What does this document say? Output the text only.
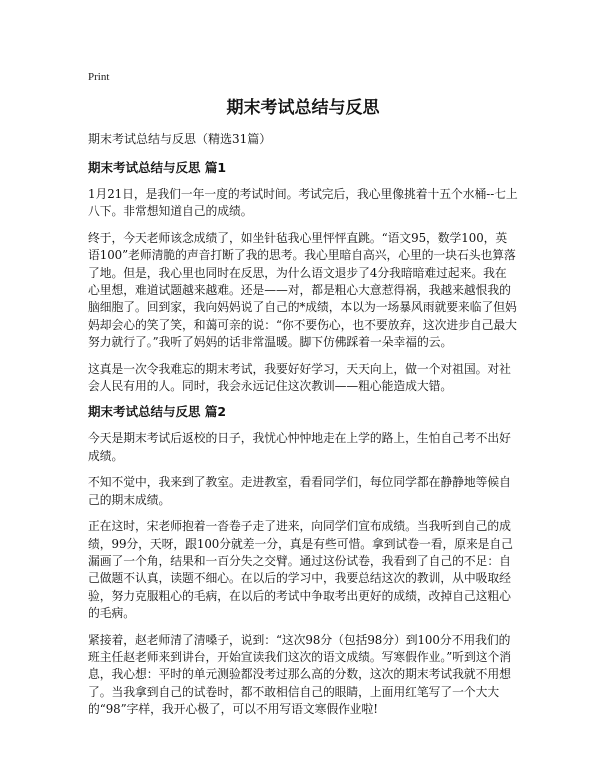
Print
期末考试总结与反思

期末考试总结与反思（精选31篇）

期末考试总结与反思 篇1

1月21日，是我们一年一度的考试时间。考试完后，我心里像挑着十五个水桶--七上八下。非常想知道自己的成绩。

终于，今天老师该念成绩了，如坐针毡我心里怦怦直跳。“语文95，数学100，英语100”老师清脆的声音打断了我的思考。我心里暗自高兴，心里的一块石头也算落了地。但是，我心里也同时在反思，为什么语文退步了4分我暗暗难过起来。我在心里想，难道试题越来越难。还是——对，都是粗心大意惹得祸，我越来越恨我的脑细胞了。回到家，我向妈妈说了自己的*成绩，本以为一场暴风雨就要来临了但妈妈却会心的笑了笑，和蔼可亲的说：“你不要伤心，也不要放弃，这次进步自己最大努力就行了。”我听了妈妈的话非常温暖。脚下仿佛踩着一朵幸福的云。

这真是一次令我难忘的期末考试，我要好好学习，天天向上，做一个对祖国。对社会人民有用的人。同时，我会永远记住这次教训——粗心能造成大错。

期末考试总结与反思 篇2

今天是期末考试后返校的日子，我忧心忡忡地走在上学的路上，生怕自己考不出好成绩。

不知不觉中，我来到了教室。走进教室，看看同学们，每位同学都在静静地等候自己的期末成绩。

正在这时，宋老师抱着一沓卷子走了进来，向同学们宣布成绩。当我听到自己的成绩，99分，天呀，跟100分就差一分，真是有些可惜。拿到试卷一看，原来是自己漏画了一个角，结果和一百分失之交臂。通过这份试卷，我看到了自己的不足：自己做题不认真，读题不细心。在以后的学习中，我要总结这次的教训，从中吸取经验，努力克服粗心的毛病，在以后的考试中争取考出更好的成绩，改掉自己这粗心的毛病。

紧接着，赵老师清了清嗓子，说到：“这次98分（包括98分）到100分不用我们的班主任赵老师来到讲台，开始宣读我们这次的语文成绩。写寒假作业。”听到这个消息，我心想：平时的单元测验都没考过那么高的分数，这次的期末考试我就不用想了。当我拿到自己的试卷时，都不敢相信自己的眼睛，上面用红笔写了一个大大的“98”字样，我开心极了，可以不用写语文寒假作业啦!
